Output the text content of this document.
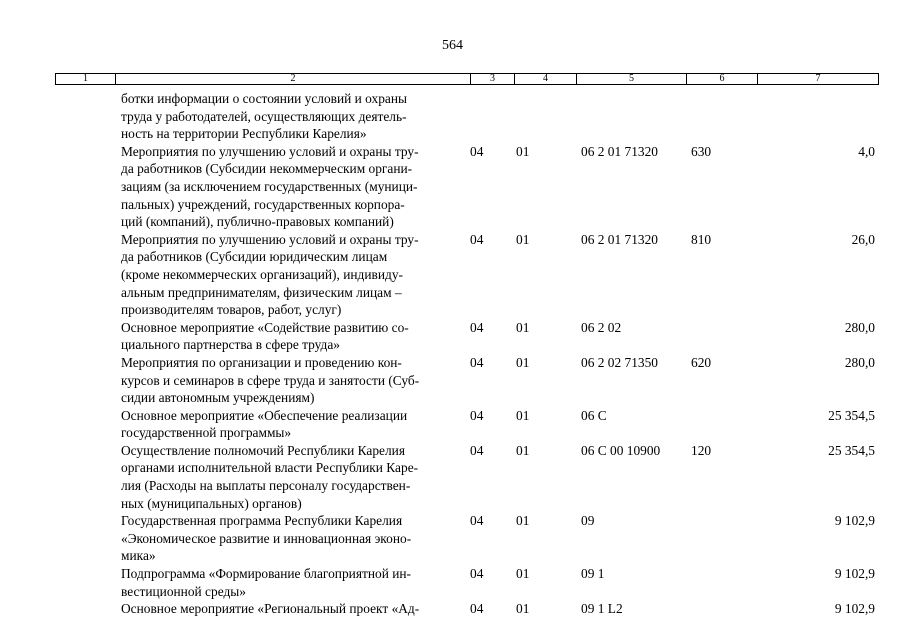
564
1	2	3	4	5	6	7
ботки информации о состоянии условий и охраны
труда у работодателей, осуществляющих деятель-
ность на территории Республики Карелия»
Мероприятия по улучшению условий и охраны тру-
да работников (Субсидии некоммерческим органи-
зациям (за исключением государственных (муници-
пальных) учреждений, государственных корпора-
ций (компаний), публично-правовых компаний)
04 01	06 2 01 71320 630	4,0
Мероприятия по улучшению условий и охраны тру-
да работников (Субсидии юридическим лицам
(кроме некоммерческих организаций), индивиду-
альным предпринимателям, физическим лицам –
производителям товаров, работ, услуг)
04 01	06 2 01 71320 810	26,0
Основное мероприятие «Содействие развитию со-
циального партнерства в сфере труда»
04 01	06 2 02	280,0
Мероприятия по организации и проведению кон-
курсов и семинаров в сфере труда и занятости (Суб-
сидии автономным учреждениям)
04 01	06 2 02 71350 620	280,0
Основное мероприятие «Обеспечение реализации
государственной программы»
04 01	06 С	25 354,5
Осуществление полномочий Республики Карелия
органами исполнительной власти Республики Каре-
лия (Расходы на выплаты персоналу государствен-
ных (муниципальных) органов)
04 01	06 С 00 10900 120	25 354,5
Государственная программа Республики Карелия
«Экономическое развитие и инновационная эконо-
мика»
04 01	09	9 102,9
Подпрограмма «Формирование благоприятной ин-
вестиционной среды»
04 01	09 1	9 102,9
Основное мероприятие «Региональный проект «Ад-	04 01	09 1 L2	9 102,9
